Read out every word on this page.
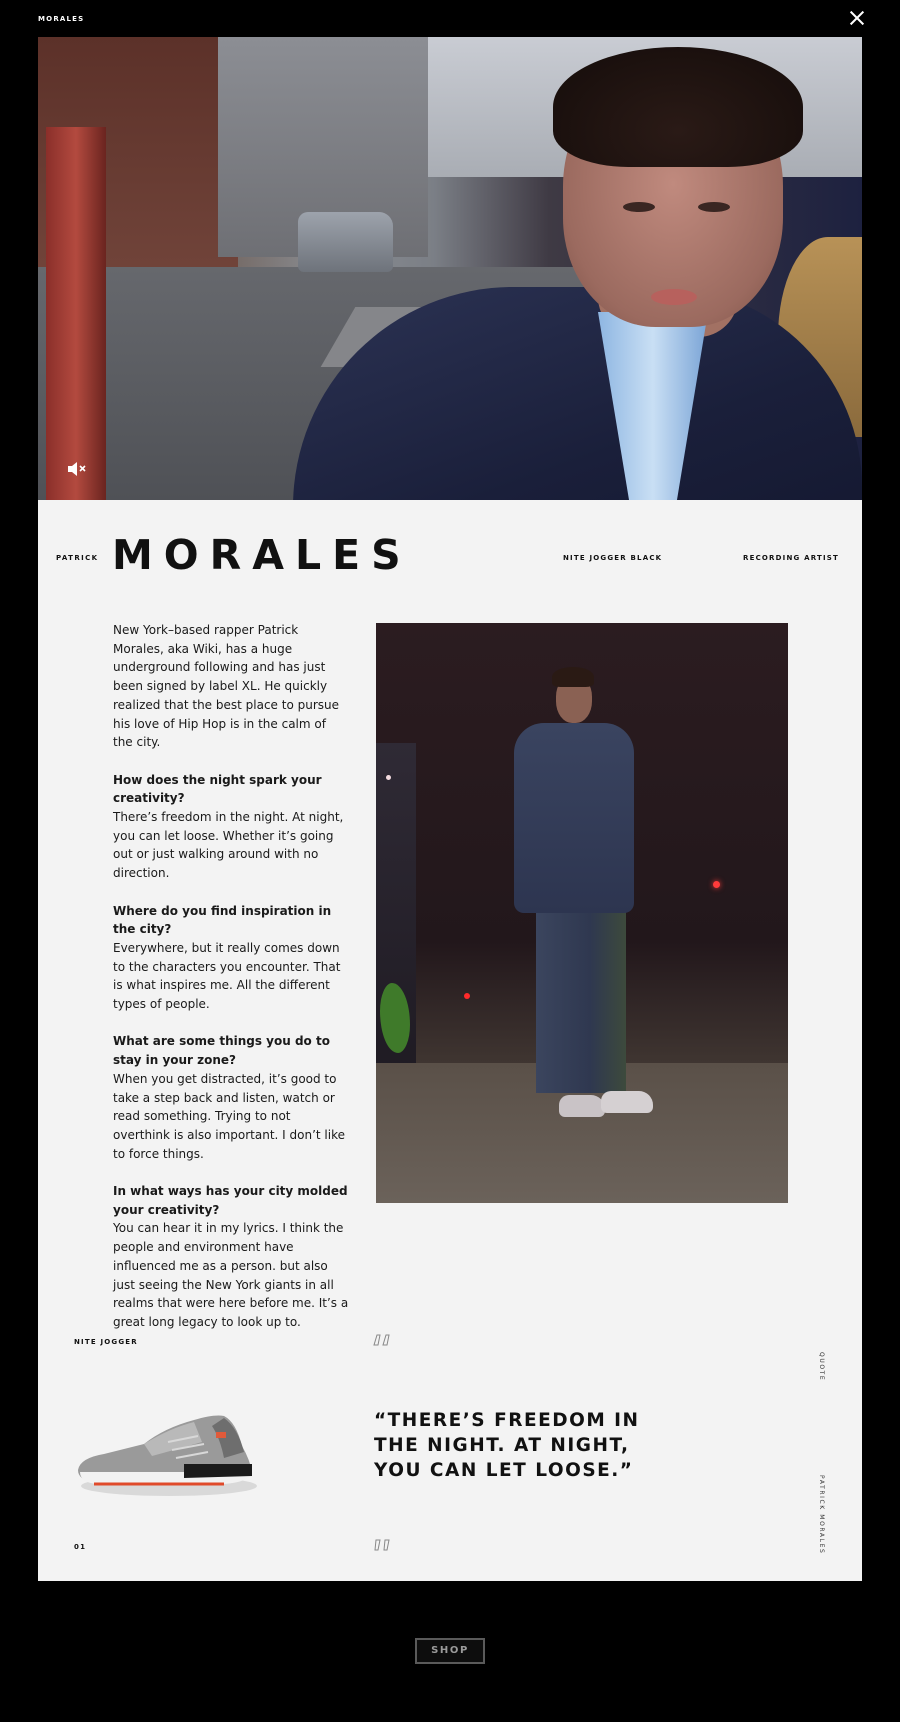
MORALES
PATRICK MORALES	NITE JOGGER BLACK	RECORDING ARTIST

New York–based rapper Patrick Morales, aka Wiki, has a huge underground following and has just been signed by label XL. He quickly realized that the best place to pursue his love of Hip Hop is in the calm of the city.

How does the night spark your creativity?
There’s freedom in the night. At night, you can let loose. Whether it’s going out or just walking around with no direction.

Where do you find inspiration in the city?
Everywhere, but it really comes down to the characters you encounter. That is what inspires me. All the different types of people.

What are some things you do to stay in your zone?
When you get distracted, it’s good to take a step back and listen, watch or read something. Trying to not overthink is also important. I don’t like to force things.

In what ways has your city molded your creativity?
You can hear it in my lyrics. I think the people and environment have influenced me as a person. but also just seeing the New York giants in all realms that were here before me. It’s a great long legacy to look up to.

NITE JOGGER
01
“THERE’S FREEDOM IN THE NIGHT. AT NIGHT, YOU CAN LET LOOSE.”
QUOTE
PATRICK MORALES
SHOP
